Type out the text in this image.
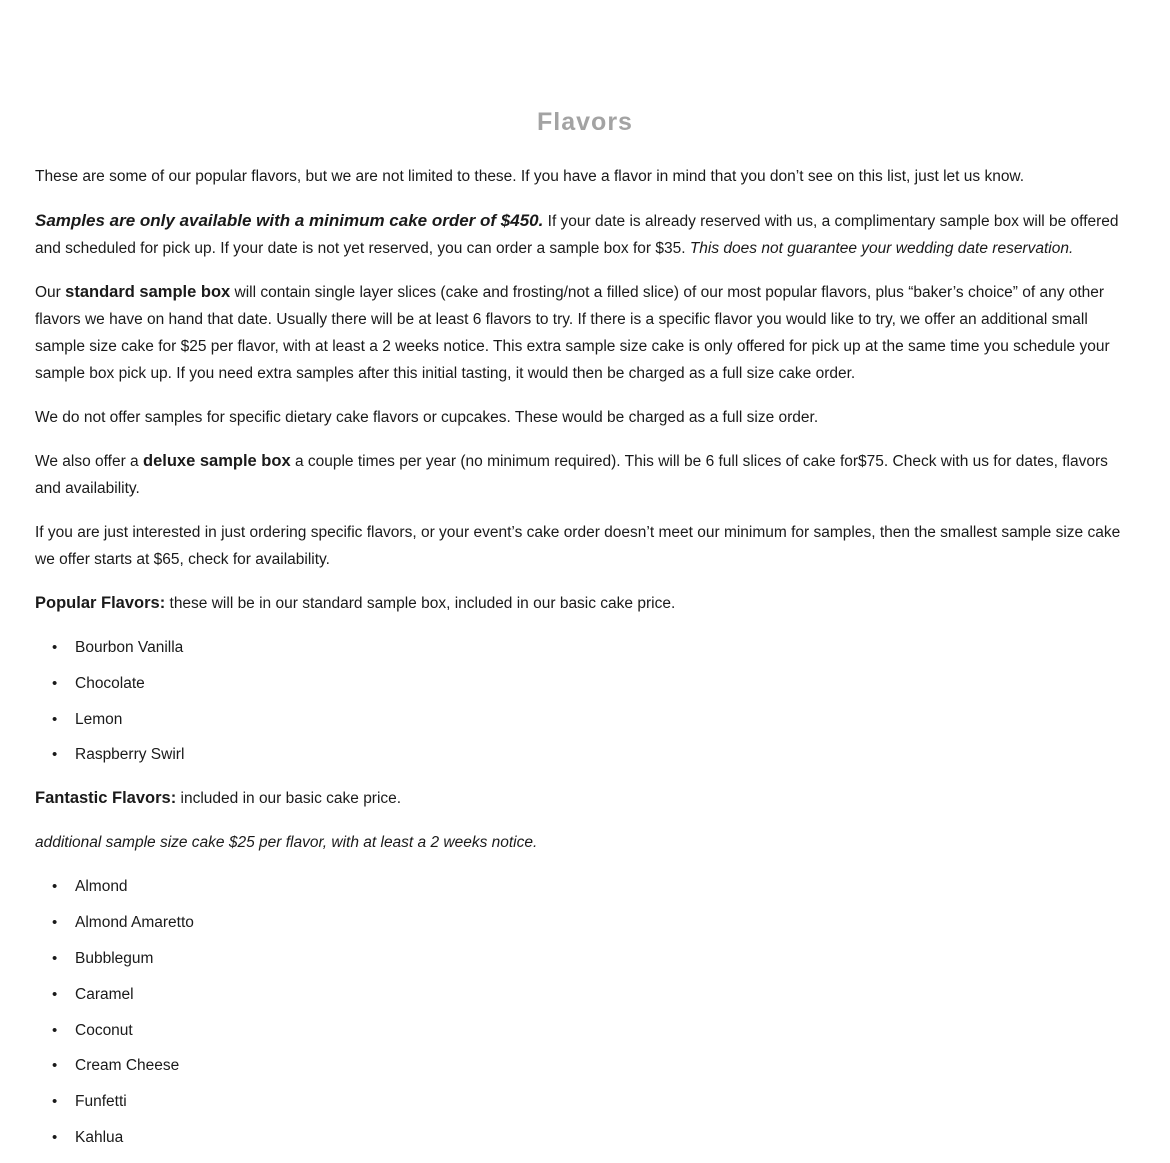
Flavors

These are some of our popular flavors, but we are not limited to these. If you have a flavor in mind that you don’t see on this list, just let us know.

Samples are only available with a minimum cake order of $450. If your date is already reserved with us, a complimentary sample box will be offered and scheduled for pick up. If your date is not yet reserved, you can order a sample box for $35. This does not guarantee your wedding date reservation.

Our standard sample box will contain single layer slices (cake and frosting/not a filled slice) of our most popular flavors, plus “baker’s choice” of any other flavors we have on hand that date. Usually there will be at least 6 flavors to try. If there is a specific flavor you would like to try, we offer an additional small sample size cake for $25 per flavor, with at least a 2 weeks notice. This extra sample size cake is only offered for pick up at the same time you schedule your sample box pick up. If you need extra samples after this initial tasting, it would then be charged as a full size cake order.

We do not offer samples for specific dietary cake flavors or cupcakes. These would be charged as a full size order.

We also offer a deluxe sample box a couple times per year (no minimum required). This will be 6 full slices of cake for$75. Check with us for dates, flavors and availability.

If you are just interested in just ordering specific flavors, or your event’s cake order doesn’t meet our minimum for samples, then the smallest sample size cake we offer starts at $65, check for availability.

Popular Flavors: these will be in our standard sample box, included in our basic cake price.

• Bourbon Vanilla
• Chocolate
• Lemon
• Raspberry Swirl

Fantastic Flavors: included in our basic cake price.

additional sample size cake $25 per flavor, with at least a 2 weeks notice.

• Almond
• Almond Amaretto
• Bubblegum
• Caramel
• Coconut
• Cream Cheese
• Funfetti
• Kahlua
